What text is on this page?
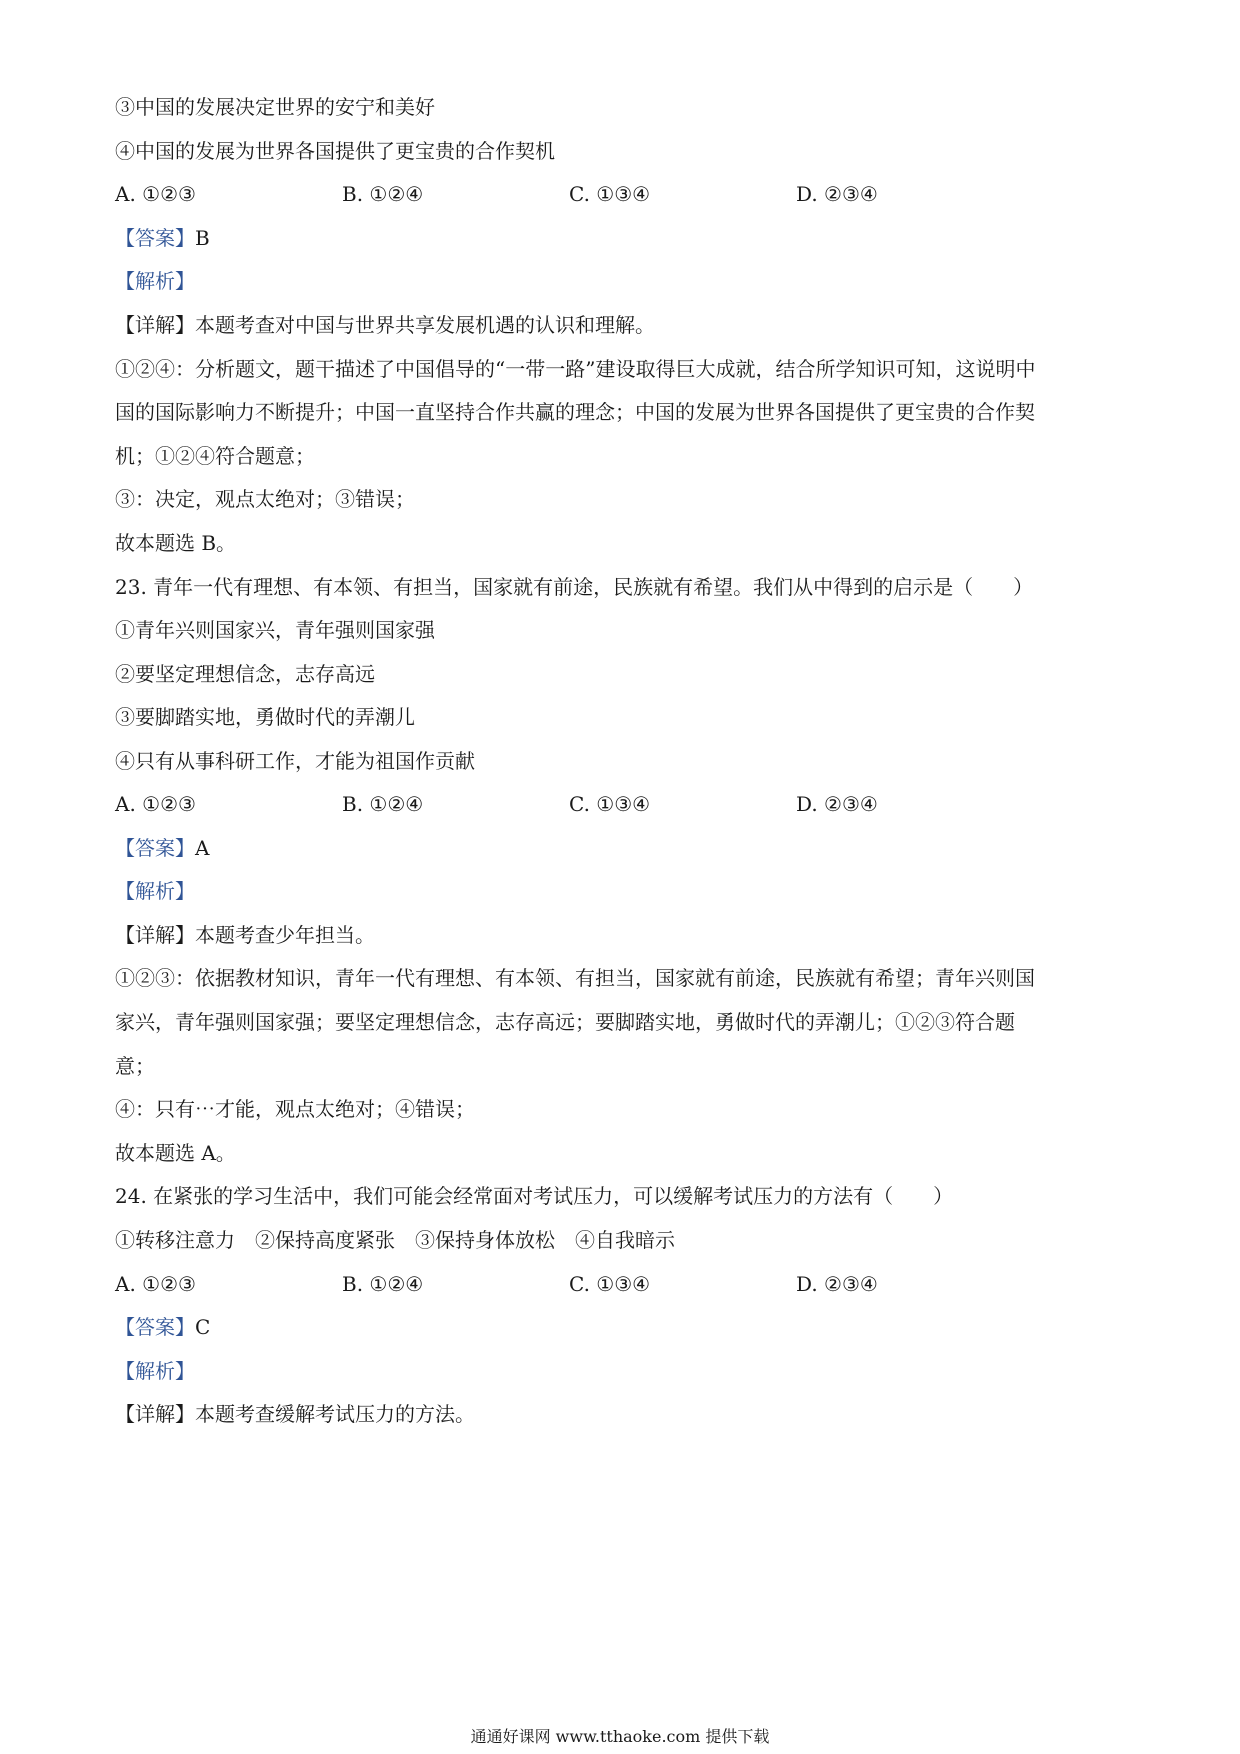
③中国的发展决定世界的安宁和美好
④中国的发展为世界各国提供了更宝贵的合作契机
A. ①②③	B. ①②④	C. ①③④	D. ②③④
【答案】B
【解析】
【详解】本题考查对中国与世界共享发展机遇的认识和理解。
①②④：分析题文，题干描述了中国倡导的“一带一路”建设取得巨大成就，结合所学知识可知，这说明中
国的国际影响力不断提升；中国一直坚持合作共赢的理念；中国的发展为世界各国提供了更宝贵的合作契
机；①②④符合题意；
③：决定，观点太绝对；③错误；
故本题选 B。
23. 青年一代有理想、有本领、有担当，国家就有前途，民族就有希望。我们从中得到的启示是（　　）
①青年兴则国家兴，青年强则国家强
②要坚定理想信念，志存高远
③要脚踏实地，勇做时代的弄潮儿
④只有从事科研工作，才能为祖国作贡献
A. ①②③	B. ①②④	C. ①③④	D. ②③④
【答案】A
【解析】
【详解】本题考查少年担当。
①②③：依据教材知识，青年一代有理想、有本领、有担当，国家就有前途，民族就有希望；青年兴则国
家兴，青年强则国家强；要坚定理想信念，志存高远；要脚踏实地，勇做时代的弄潮儿；①②③符合题
意；
④：只有⋯才能，观点太绝对；④错误；
故本题选 A。
24. 在紧张的学习生活中，我们可能会经常面对考试压力，可以缓解考试压力的方法有（　　）
①转移注意力　②保持高度紧张　③保持身体放松　④自我暗示
A. ①②③	B. ①②④	C. ①③④	D. ②③④
【答案】C
【解析】
【详解】本题考查缓解考试压力的方法。
通通好课网 www.tthaoke.com 提供下载
